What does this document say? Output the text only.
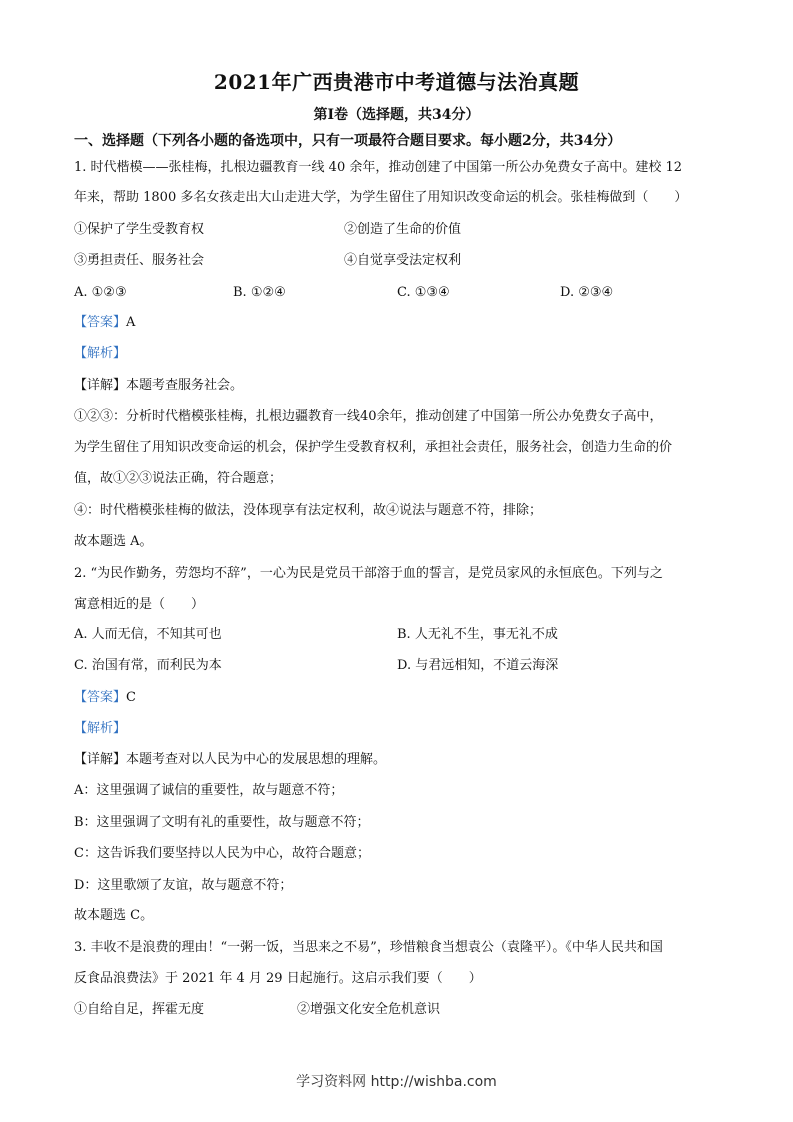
2021年广西贵港市中考道德与法治真题
第Ⅰ卷（选择题，共34分）
一、选择题（下列各小题的备选项中，只有一项最符合题目要求。每小题2分，共34分）
1. 时代楷模——张桂梅，扎根边疆教育一线 40 余年，推动创建了中国第一所公办免费女子高中。建校 12
年来，帮助 1800 多名女孩走出大山走进大学，为学生留住了用知识改变命运的机会。张桂梅做到（　　）
①保护了学生受教育权	②创造了生命的价值
③勇担责任、服务社会	④自觉享受法定权利
A. ①②③	B. ①②④	C. ①③④	D. ②③④
【答案】A
【解析】
【详解】本题考查服务社会。
①②③：分析时代楷模张桂梅，扎根边疆教育一线40余年，推动创建了中国第一所公办免费女子高中，
为学生留住了用知识改变命运的机会，保护学生受教育权利，承担社会责任，服务社会，创造力生命的价
值，故①②③说法正确，符合题意；
④：时代楷模张桂梅的做法，没体现享有法定权利，故④说法与题意不符，排除；
故本题选 A。
2. “为民作勤务，劳怨均不辞”，一心为民是党员干部溶于血的誓言，是党员家风的永恒底色。下列与之
寓意相近的是（　　）
A. 人而无信，不知其可也	B. 人无礼不生，事无礼不成
C. 治国有常，而利民为本	D. 与君远相知，不道云海深
【答案】C
【解析】
【详解】本题考查对以人民为中心的发展思想的理解。
A：这里强调了诚信的重要性，故与题意不符；
B：这里强调了文明有礼的重要性，故与题意不符；
C：这告诉我们要坚持以人民为中心，故符合题意；
D：这里歌颂了友谊，故与题意不符；
故本题选 C。
3. 丰收不是浪费的理由！“一粥一饭，当思来之不易”，珍惜粮食当想袁公（袁隆平）。《中华人民共和国
反食品浪费法》于 2021 年 4 月 29 日起施行。这启示我们要（　　）
①自给自足，挥霍无度	②增强文化安全危机意识
学习资料网 http://wishba.com
